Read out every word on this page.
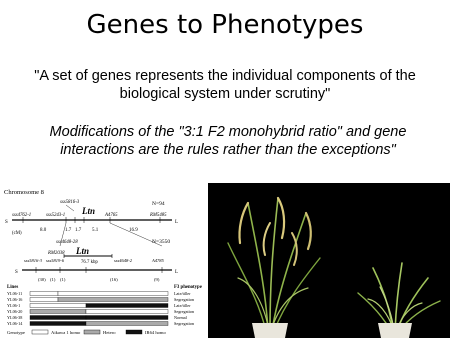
Genes to Phenotypes
"A set of genes represents the individual components of the biological system under scrutiny"
Modifications of the "3:1 F2 monohybrid ratio" and gene interactions are the rules rather than the exceptions"
Chromosome 8
N=94
sss5816-3
Ltn
sss4762-1	sss5243-1	A4765	RM5485
S	L
8.0	1.7 1.7 5.1	16.9
(cM)
sss4648-28	N=3550
Ltn
RM2038
76.7 kbp
sss5816-3 sss5819-6	sss4648-2	A4785
S	L
(30) (1) (1)	(16)	(9)
Lines	F3 phenotype
YL06-11	Late/tiller
YL06-16	Segregation
YL06-1	Late/tiller
YL06-20	Segregation
YL06-38	Normal
YL06-14	Segregation
Genotype	Aikawa 1 homo	Hetero	IR64 homo
